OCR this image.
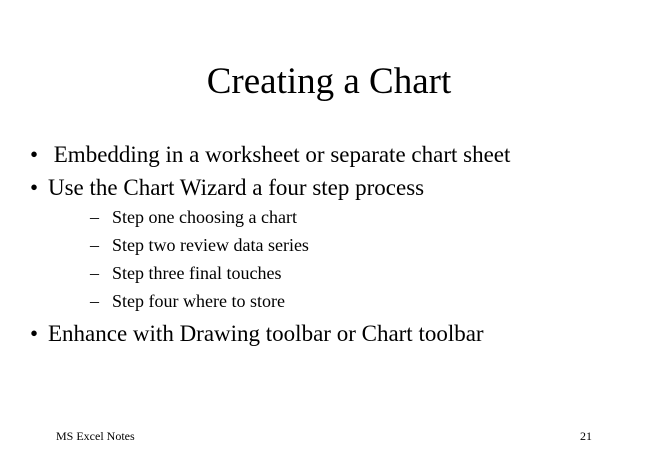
Creating a Chart
• Embedding in a worksheet or separate chart sheet
• Use the Chart Wizard a four step process
– Step one choosing a chart
– Step two review data series
– Step three final touches
– Step four where to store
• Enhance with Drawing toolbar or Chart toolbar
MS Excel Notes	21
